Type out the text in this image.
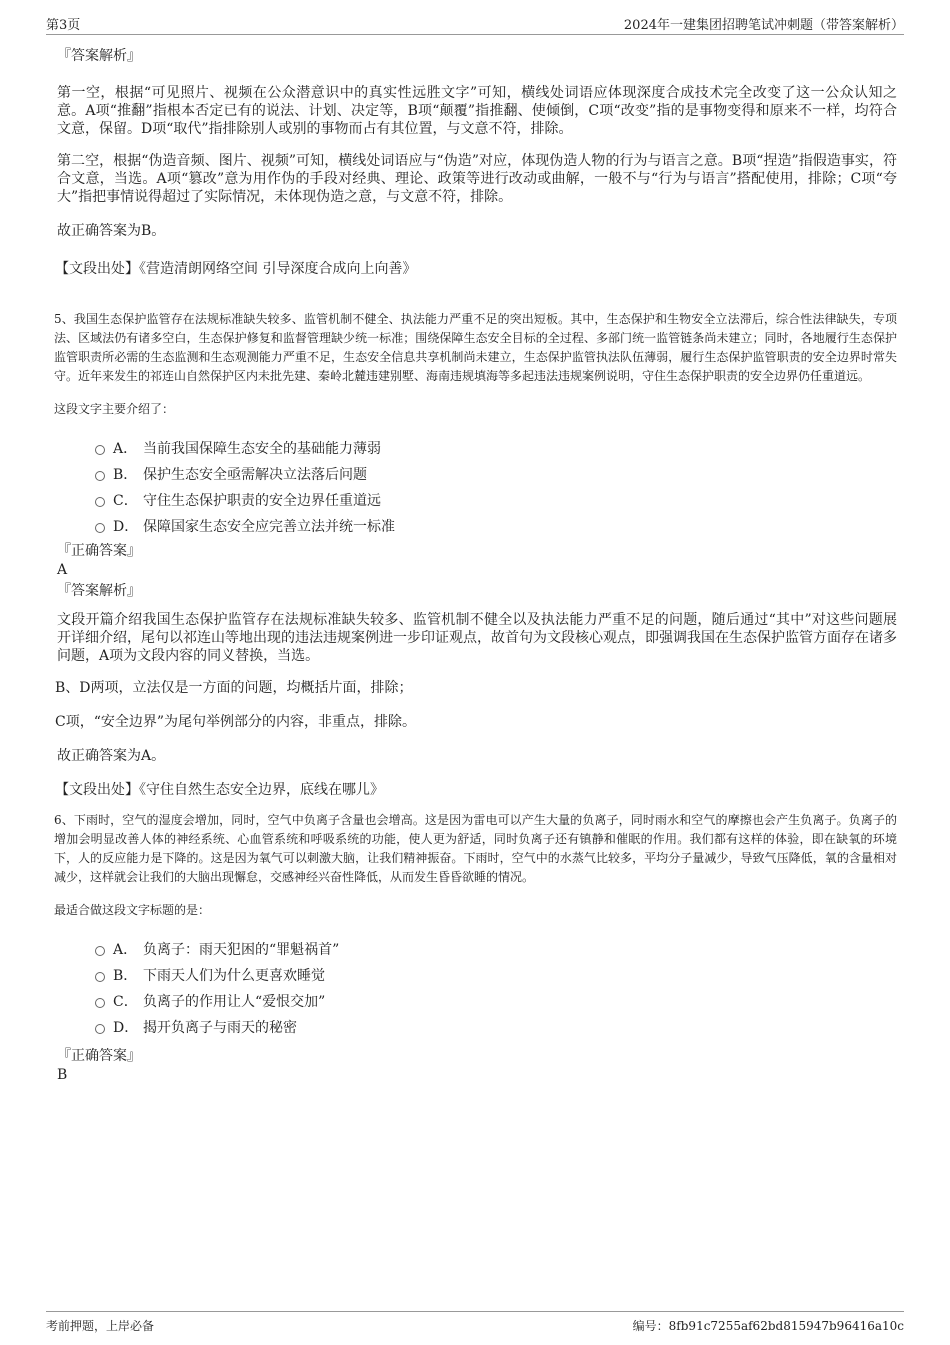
第3页	2024年一建集团招聘笔试冲刺题（带答案解析）

『答案解析』

第一空，根据“可见照片、视频在公众潜意识中的真实性远胜文字”可知，横线处词语应体现深度合成技术完全改变了这一公众认知之意。A项“推翻”指根本否定已有的说法、计划、决定等，B项“颠覆”指推翻、使倾倒，C项“改变”指的是事物变得和原来不一样，均符合文意，保留。D项“取代”指排除别人或别的事物而占有其位置，与文意不符，排除。

第二空，根据“伪造音频、图片、视频”可知，横线处词语应与“伪造”对应，体现伪造人物的行为与语言之意。B项“捏造”指假造事实，符合文意，当选。A项“篡改”意为用作伪的手段对经典、理论、政策等进行改动或曲解，一般不与“行为与语言”搭配使用，排除；C项“夸大”指把事情说得超过了实际情况，未体现伪造之意，与文意不符，排除。

故正确答案为B。

【文段出处】《营造清朗网络空间 引导深度合成向上向善》

5、我国生态保护监管存在法规标准缺失较多、监管机制不健全、执法能力严重不足的突出短板。其中，生态保护和生物安全立法滞后，综合性法律缺失，专项法、区域法仍有诸多空白，生态保护修复和监督管理缺少统一标准；围绕保障生态安全目标的全过程、多部门统一监管链条尚未建立；同时，各地履行生态保护监管职责所必需的生态监测和生态观测能力严重不足，生态安全信息共享机制尚未建立，生态保护监管执法队伍薄弱，履行生态保护监管职责的安全边界时常失守。近年来发生的祁连山自然保护区内未批先建、秦岭北麓违建别墅、海南违规填海等多起违法违规案例说明，守住生态保护职责的安全边界仍任重道远。

这段文字主要介绍了：

A． 当前我国保障生态安全的基础能力薄弱
B． 保护生态安全亟需解决立法落后问题
C． 守住生态保护职责的安全边界任重道远
D． 保障国家生态安全应完善立法并统一标准

『正确答案』

A

『答案解析』

文段开篇介绍我国生态保护监管存在法规标准缺失较多、监管机制不健全以及执法能力严重不足的问题，随后通过“其中”对这些问题展开详细介绍，尾句以祁连山等地出现的违法违规案例进一步印证观点，故首句为文段核心观点，即强调我国在生态保护监管方面存在诸多问题，A项为文段内容的同义替换，当选。

B、D两项，立法仅是一方面的问题，均概括片面，排除；

C项，“安全边界”为尾句举例部分的内容，非重点，排除。

故正确答案为A。

【文段出处】《守住自然生态安全边界，底线在哪儿》

6、下雨时，空气的湿度会增加，同时，空气中负离子含量也会增高。这是因为雷电可以产生大量的负离子，同时雨水和空气的摩擦也会产生负离子。负离子的增加会明显改善人体的神经系统、心血管系统和呼吸系统的功能，使人更为舒适，同时负离子还有镇静和催眠的作用。我们都有这样的体验，即在缺氧的环境下，人的反应能力是下降的。这是因为氧气可以刺激大脑，让我们精神振奋。下雨时，空气中的水蒸气比较多，平均分子量减少，导致气压降低，氧的含量相对减少，这样就会让我们的大脑出现懈怠，交感神经兴奋性降低，从而发生昏昏欲睡的情况。

最适合做这段文字标题的是：

A． 负离子：雨天犯困的“罪魁祸首”
B． 下雨天人们为什么更喜欢睡觉
C． 负离子的作用让人“爱恨交加”
D． 揭开负离子与雨天的秘密

『正确答案』

B

考前押题，上岸必备	编号：8fb91c7255af62bd815947b96416a10c
